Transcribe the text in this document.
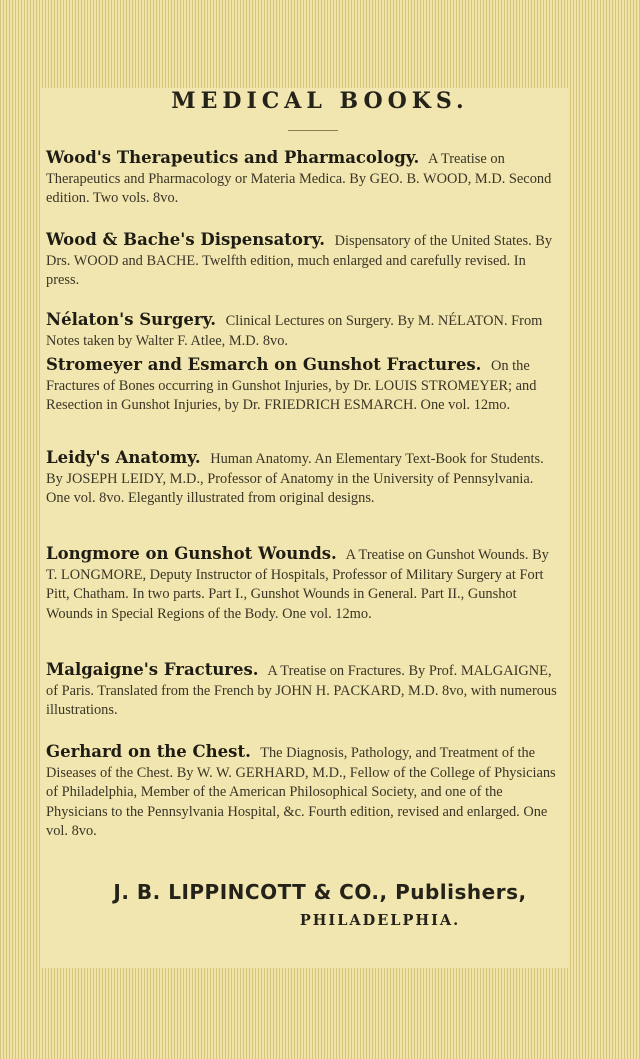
MEDICAL BOOKS.
Wood's Therapeutics and Pharmacology. A Treatise on Therapeutics and Pharmacology or Materia Medica. By GEO. B. WOOD, M.D. Second edition. Two vols. 8vo.
Wood & Bache's Dispensatory. Dispensatory of the United States. By Drs. WOOD and BACHE. Twelfth edition, much enlarged and carefully revised. In press.
Nélaton's Surgery. Clinical Lectures on Surgery. By M. NÉLATON. From Notes taken by Walter F. Atlee, M.D. 8vo.
Stromeyer and Esmarch on Gunshot Fractures. On the Fractures of Bones occurring in Gunshot Injuries, by Dr. LOUIS STROMEYER; and Resection in Gunshot Injuries, by Dr. FRIEDRICH ESMARCH. One vol. 12mo.
Leidy's Anatomy. Human Anatomy. An Elementary Text-Book for Students. By JOSEPH LEIDY, M.D., Professor of Anatomy in the University of Pennsylvania. One vol. 8vo. Elegantly illustrated from original designs.
Longmore on Gunshot Wounds. A Treatise on Gunshot Wounds. By T. LONGMORE, Deputy Instructor of Hospitals, Professor of Military Surgery at Fort Pitt, Chatham. In two parts. Part I., Gunshot Wounds in General. Part II., Gunshot Wounds in Special Regions of the Body. One vol. 12mo.
Malgaigne's Fractures. A Treatise on Fractures. By Prof. MALGAIGNE, of Paris. Translated from the French by JOHN H. PACKARD, M.D. 8vo, with numerous illustrations.
Gerhard on the Chest. The Diagnosis, Pathology, and Treatment of the Diseases of the Chest. By W. W. GERHARD, M.D., Fellow of the College of Physicians of Philadelphia, Member of the American Philosophical Society, and one of the Physicians to the Pennsylvania Hospital, &c. Fourth edition, revised and enlarged. One vol. 8vo.
J. B. LIPPINCOTT & CO., Publishers,
PHILADELPHIA.
